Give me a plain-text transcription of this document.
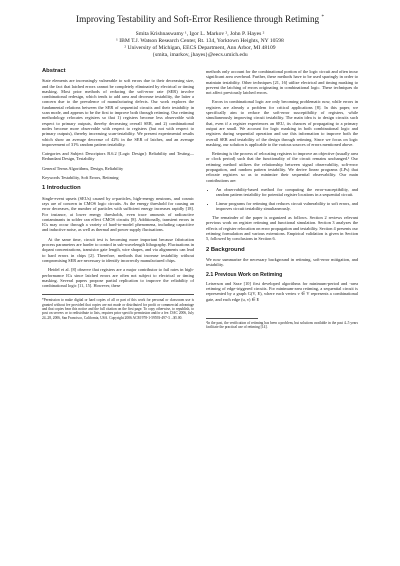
Improving Testability and Soft-Error Resilience through Retiming *
Smita Krishnaswamy ¹, Igor L. Markov ², John P. Hayes ²
¹ IBM T.J. Watson Research Center, Rt. 134, Yorktown Heights, NY 10598
² University of Michigan, EECS Department, Ann Arbor, MI 48109
{smita, imarkov, jhayes}@eecs.umich.edu
Abstract

State elements are increasingly vulnerable to soft errors due to their decreasing size, and the fact that latched errors cannot be completely eliminated by electrical or timing masking. Most prior methods of reducing the soft-error rate (SER) involve combinational redesign, which tends to add area and decrease testability, the latter a concern due to the prevalence of manufacturing defects. Our work explores the fundamental relations between the SER of sequential circuits and their testability in scan mode, and appears to be the first to improve both through retiming. Our retiming methodology relocates registers so that 1) registers become less observable with respect to primary outputs, thereby decreasing overall SER, and 2) combinational nodes become more observable with respect to registers (but not with respect to primary outputs), thereby increasing scan-testability. We present experimental results which show an average decrease of 42% in the SER of latches, and an average improvement of 31% random pattern testability.

Categories and Subject Descriptors B.6.2 [Logic Design]: Reliability and Testing—Redundant Design, Testability

General Terms Algorithms, Design, Reliability

Keywords Testability, Soft Errors, Retiming

1 Introduction

Single-event upsets (SEUs) caused by α-particles, high-energy neutrons, and cosmic rays are of concern in CMOS logic circuits. As the energy threshold for causing an error decreases, the number of particles with sufficient energy increases rapidly [18]. For instance, at lower energy thresholds, even trace amounts of radioactive contaminants in solder can effect CMOS circuits [8]. Additionally, transient errors in ICs may occur through a variety of hard-to-model phenomena, including capacitive and inductive noise, as well as thermal and power supply fluctuations.

At the same time, circuit test is becoming more important because fabrication process parameters are harder to control in sub-wavelength lithography. Fluctuations in dopant concentrations, transistor gate length, wire shapes, and via alignments can lead to hard errors in chips [2]. Therefore, methods that increase testability without compromising SER are necessary to identify incorrectly manufactured chips.

Heidel et al. [8] observe that registers are a major contributor to fail rates in high-performance ICs since latched errors are often not subject to electrical or timing masking. Several papers propose partial replication to improve the reliability of combinational logic [11, 15]. However, these

*Permission to make digital or hard copies of all or part of this work for personal or classroom use is granted without fee provided that copies are not made or distributed for profit or commercial advantage and that copies bear this notice and the full citation on the first page. To copy otherwise, to republish, to post on servers or to redistribute to lists, requires prior specific permission and/or a fee. DAC 2006, July 24–28, 2006, San Francisco, California, USA. Copyright 2006 ACM 978-1-59593-497-3 ...$5.00.

methods only account for the combinational portion of the logic circuit and often incur significant area overhead. Further, these methods have to be used sparingly in order to maintain testability. Other techniques [21, 16] utilize electrical and timing masking to prevent the latching of errors originating in combinational logic. These techniques do not affect previously latched errors.

Errors in combinational logic are only becoming problematic now, while errors in registers are already a problem for critical applications [8]. In this paper, we specifically aim to reduce the soft-error susceptibility of registers, while simultaneously improving circuit testability. The main idea is to design circuits such that, even if a register experiences an SEU, its chances of propagating to a primary output are small. We account for logic masking in both combinational logic and registers during sequential operation and use this information to improve both the overall SER and testability of the design through retiming. Since we focus on logic masking, our solution is applicable to the various sources of errors mentioned above.

Retiming is the process of relocating registers to improve an objective (usually area or clock period) such that the functionality of the circuit remains unchanged.¹ Our retiming method utilizes the relationship between signal observability, soft-error propagation, and random pattern testability. We derive linear programs (LPs) that relocate registers so as to minimize their sequential observability. Our main contributions are:

• An observability-based method for computing the error-susceptibility, and random pattern testability for potential register locations in a sequential circuit.
• Linear programs for retiming that reduces circuit vulnerability to soft errors, and improves circuit testability simultaneously.

The remainder of the paper is organized as follows. Section 2 reviews relevant previous work on register retiming and functional simulation. Section 3 analyzes the effects of register relocation on error propagation and testability. Section 4 presents our retiming formulation and various extensions. Empirical validation is given in Section 5, followed by conclusions in Section 6.

2 Background

We now summarize the necessary background in retiming, soft-error mitigation, and testability.

2.1 Previous Work on Retiming

Leiserson and Saxe [10] first developed algorithms for minimum-period and -area retiming of edge-triggered circuits. For minimum-area retiming, a sequential circuit is represented by a graph G(V, E), where each vertex v ∈ V represents a combinational gate, and each edge (u, v) ∈ E

¹In the past, the verification of retiming has been a problem, but solutions available in the past 4–5 years facilitate the practical use of retiming [14].
